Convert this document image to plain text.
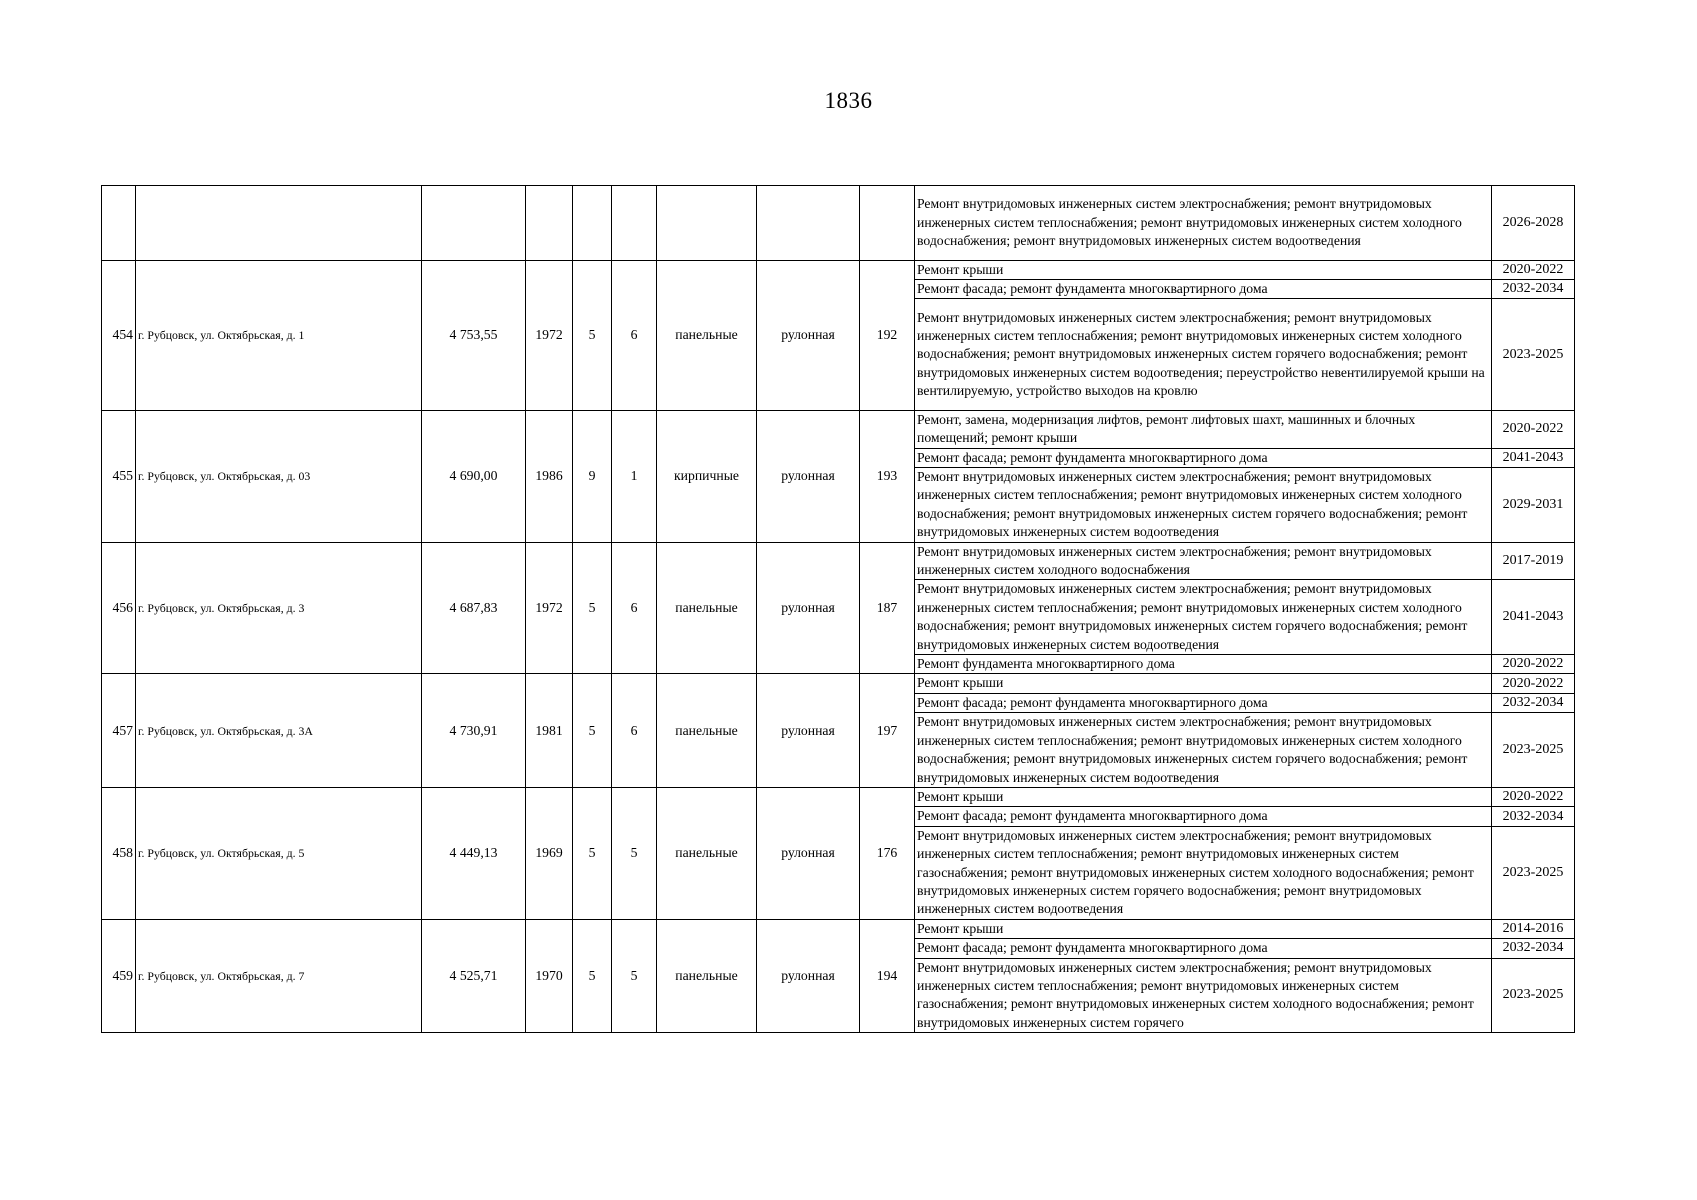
1836
									Ремонт внутридомовых инженерных систем электроснабжения; ремонт внутридомовых инженерных систем теплоснабжения; ремонт внутридомовых инженерных систем холодного водоснабжения; ремонт внутридомовых инженерных систем водоотведения	2026-2028
454	г. Рубцовск, ул. Октябрьская, д. 1	4 753,55	1972	5	6	панельные	рулонная	192	Ремонт крыши	2020-2022
									Ремонт фасада; ремонт фундамента многоквартирного дома	2032-2034
									Ремонт внутридомовых инженерных систем электроснабжения; ремонт внутридомовых инженерных систем теплоснабжения; ремонт внутридомовых инженерных систем холодного водоснабжения; ремонт внутридомовых инженерных систем горячего водоснабжения; ремонт внутридомовых инженерных систем водоотведения; переустройство невентилируемой крыши на вентилируемую, устройство выходов на кровлю	2023-2025
455	г. Рубцовск, ул. Октябрьская, д. 03	4 690,00	1986	9	1	кирпичные	рулонная	193	Ремонт, замена, модернизация лифтов, ремонт лифтовых шахт, машинных и блочных помещений; ремонт крыши	2020-2022
									Ремонт фасада; ремонт фундамента многоквартирного дома	2041-2043
									Ремонт внутридомовых инженерных систем электроснабжения; ремонт внутридомовых инженерных систем теплоснабжения; ремонт внутридомовых инженерных систем холодного водоснабжения; ремонт внутридомовых инженерных систем горячего водоснабжения; ремонт внутридомовых инженерных систем водоотведения	2029-2031
456	г. Рубцовск, ул. Октябрьская, д. 3	4 687,83	1972	5	6	панельные	рулонная	187	Ремонт внутридомовых инженерных систем электроснабжения; ремонт внутридомовых инженерных систем холодного водоснабжения	2017-2019
									Ремонт внутридомовых инженерных систем электроснабжения; ремонт внутридомовых инженерных систем теплоснабжения; ремонт внутридомовых инженерных систем холодного водоснабжения; ремонт внутридомовых инженерных систем горячего водоснабжения; ремонт внутридомовых инженерных систем водоотведения	2041-2043
									Ремонт фундамента многоквартирного дома	2020-2022
457	г. Рубцовск, ул. Октябрьская, д. 3А	4 730,91	1981	5	6	панельные	рулонная	197	Ремонт крыши	2020-2022
									Ремонт фасада; ремонт фундамента многоквартирного дома	2032-2034
									Ремонт внутридомовых инженерных систем электроснабжения; ремонт внутридомовых инженерных систем теплоснабжения; ремонт внутридомовых инженерных систем холодного водоснабжения; ремонт внутридомовых инженерных систем горячего водоснабжения; ремонт внутридомовых инженерных систем водоотведения	2023-2025
458	г. Рубцовск, ул. Октябрьская, д. 5	4 449,13	1969	5	5	панельные	рулонная	176	Ремонт крыши	2020-2022
									Ремонт фасада; ремонт фундамента многоквартирного дома	2032-2034
									Ремонт внутридомовых инженерных систем электроснабжения; ремонт внутридомовых инженерных систем теплоснабжения; ремонт внутридомовых инженерных систем газоснабжения; ремонт внутридомовых инженерных систем холодного водоснабжения; ремонт внутридомовых инженерных систем горячего водоснабжения; ремонт внутридомовых инженерных систем водоотведения	2023-2025
459	г. Рубцовск, ул. Октябрьская, д. 7	4 525,71	1970	5	5	панельные	рулонная	194	Ремонт крыши	2014-2016
									Ремонт фасада; ремонт фундамента многоквартирного дома	2032-2034
									Ремонт внутридомовых инженерных систем электроснабжения; ремонт внутридомовых инженерных систем теплоснабжения; ремонт внутридомовых инженерных систем газоснабжения; ремонт внутридомовых инженерных систем холодного водоснабжения; ремонт внутридомовых инженерных систем горячего	2023-2025
